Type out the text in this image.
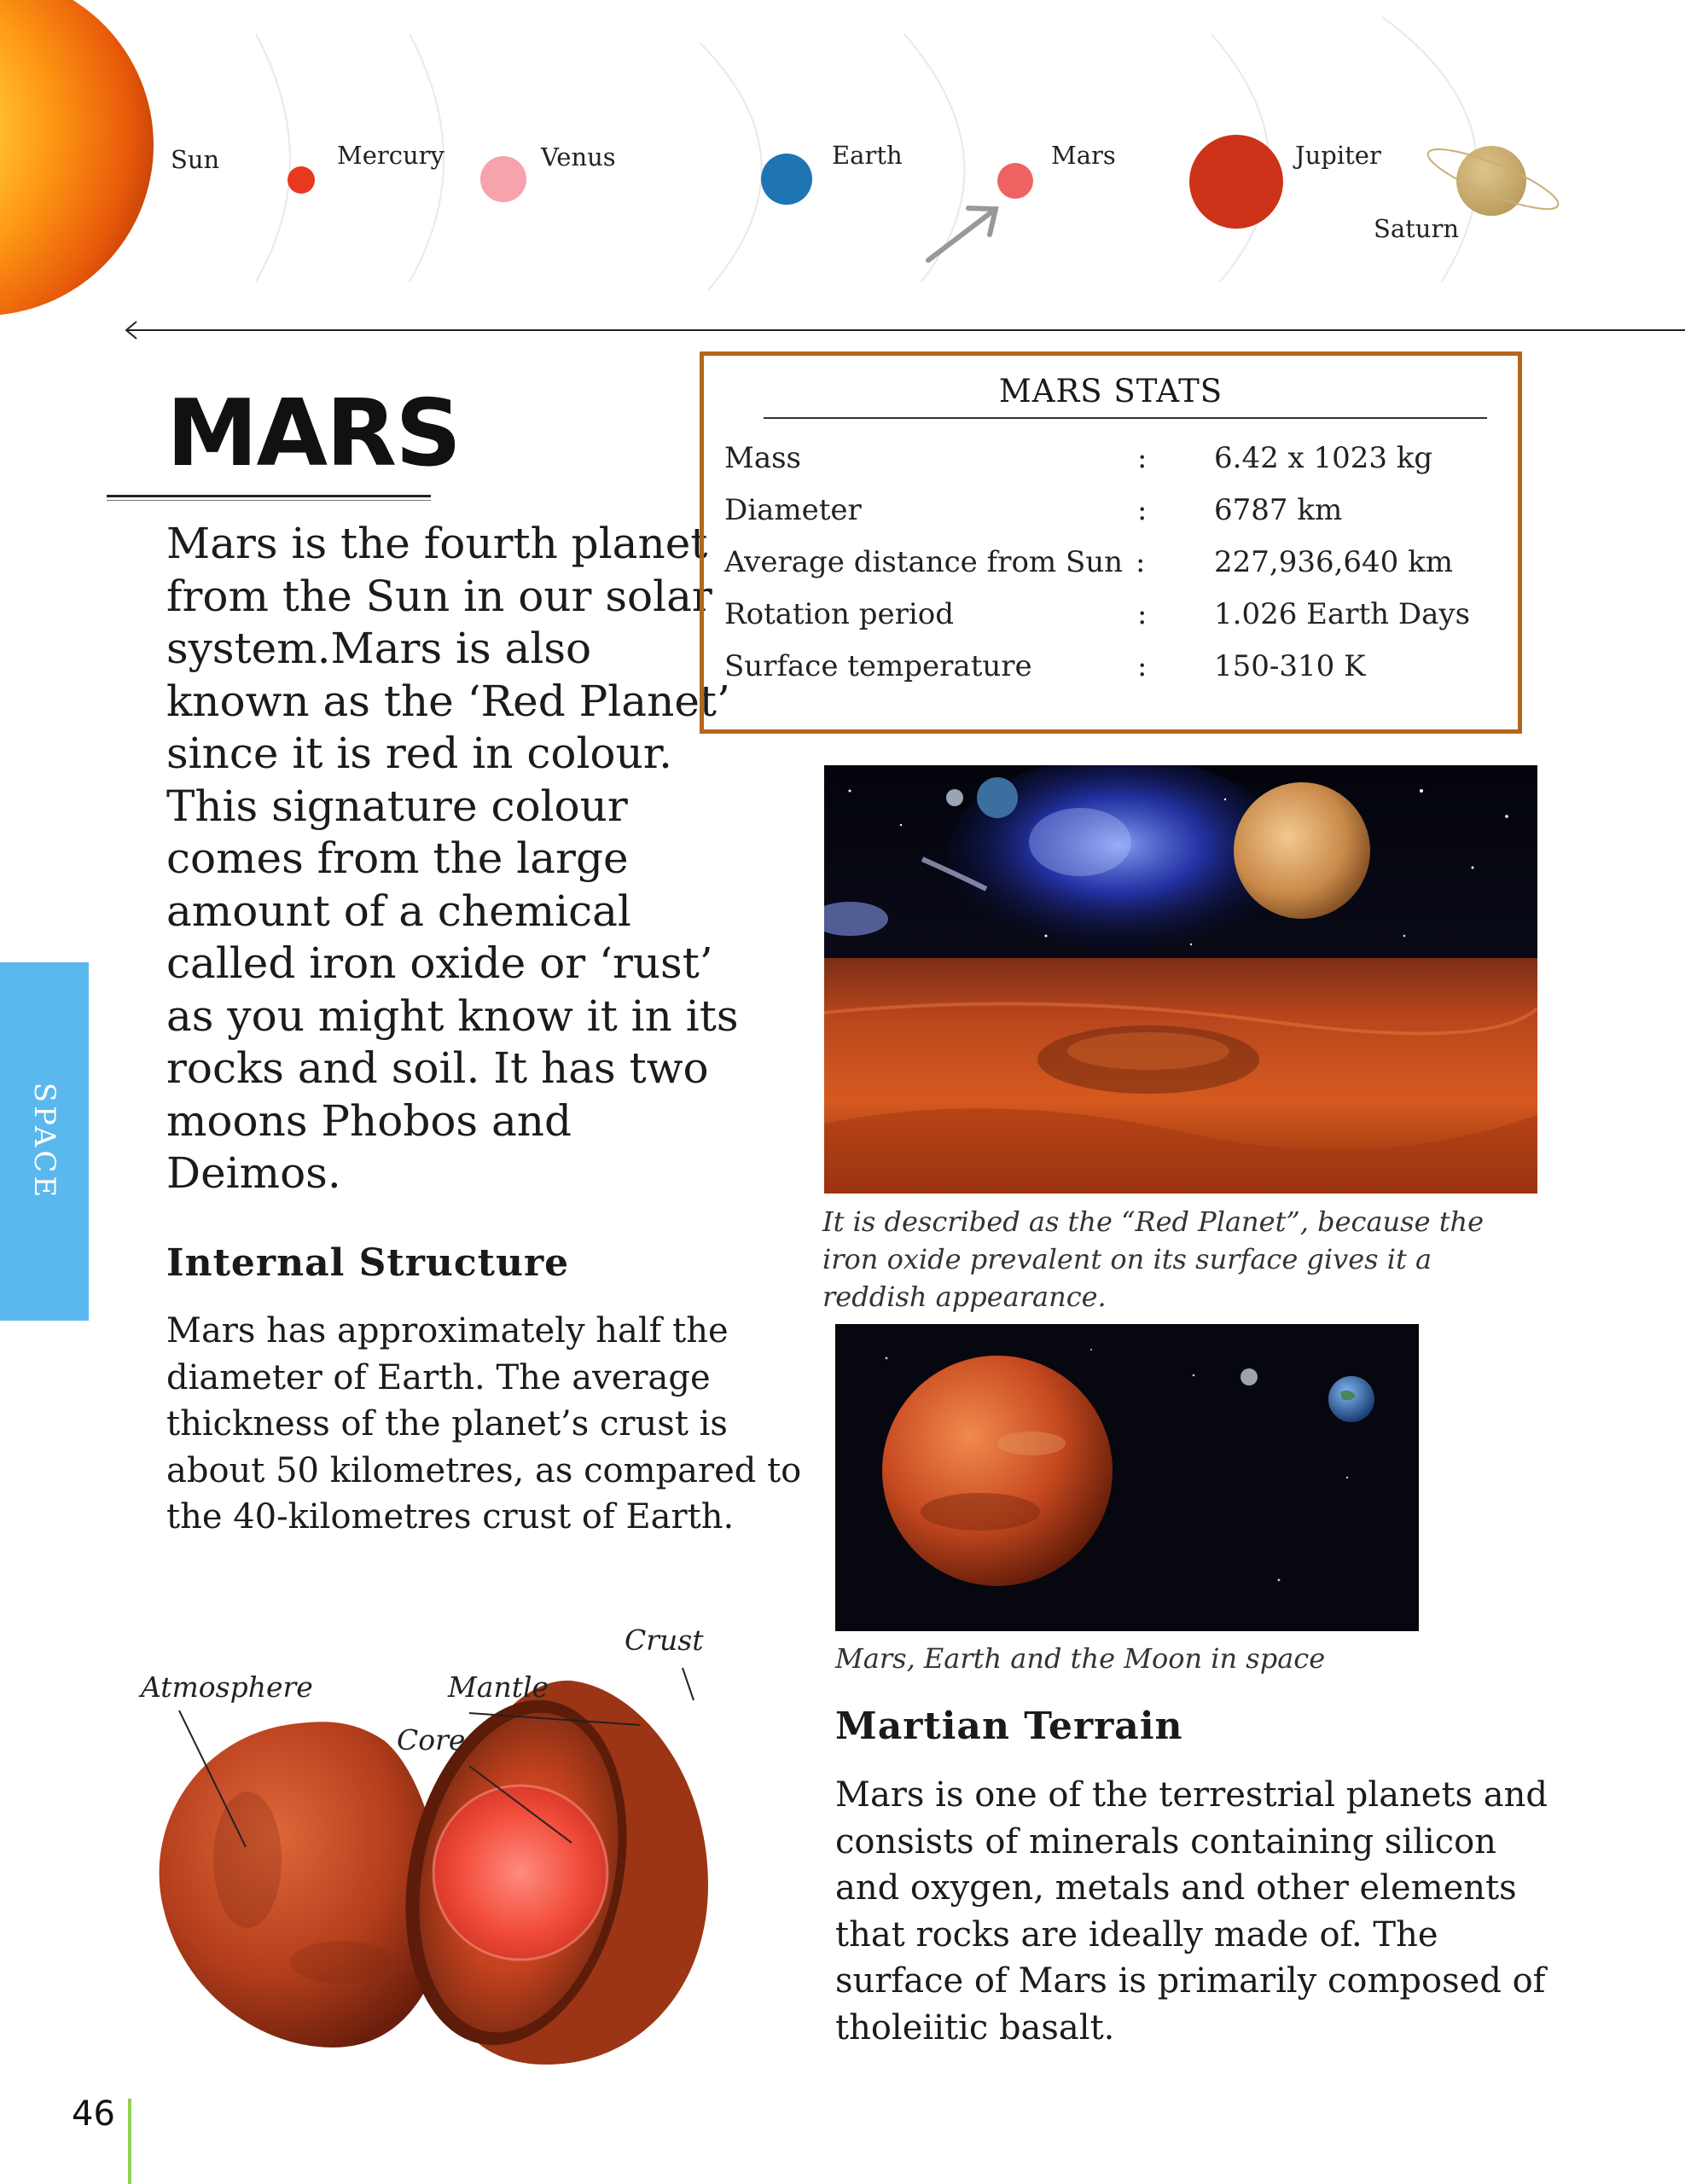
Sun	Mercury	Venus	Earth	Mars	Jupiter
Saturn
MARS
Mars is the fourth planet from the Sun in our solar system.Mars is also known as the ‘Red Planet’ since it is red in colour. This signature colour comes from the large amount of a chemical called iron oxide or ‘rust’ as you might know it in its rocks and soil. It has two moons Phobos and Deimos.
SPACE
MARS STATS
Mass	: 6.42 x 1023 kg
Diameter	: 6787 km
Average distance from Sun : 227,936,640 km
Rotation period	: 1.026 Earth Days
Surface temperature	: 150-310 K
It is described as the “Red Planet”, because the iron oxide prevalent on its surface gives it a reddish appearance.
Internal Structure
Mars has approximately half the diameter of Earth. The average thickness of the planet’s crust is about 50 kilometres, as compared to the 40-kilometres crust of Earth.
Mars, Earth and the Moon in space
Martian Terrain
Mars is one of the terrestrial planets and consists of minerals containing silicon and oxygen, metals and other elements that rocks are ideally made of. The surface of Mars is primarily composed of tholeiitic basalt.
Crust
Atmosphere	Mantle
Core
46
